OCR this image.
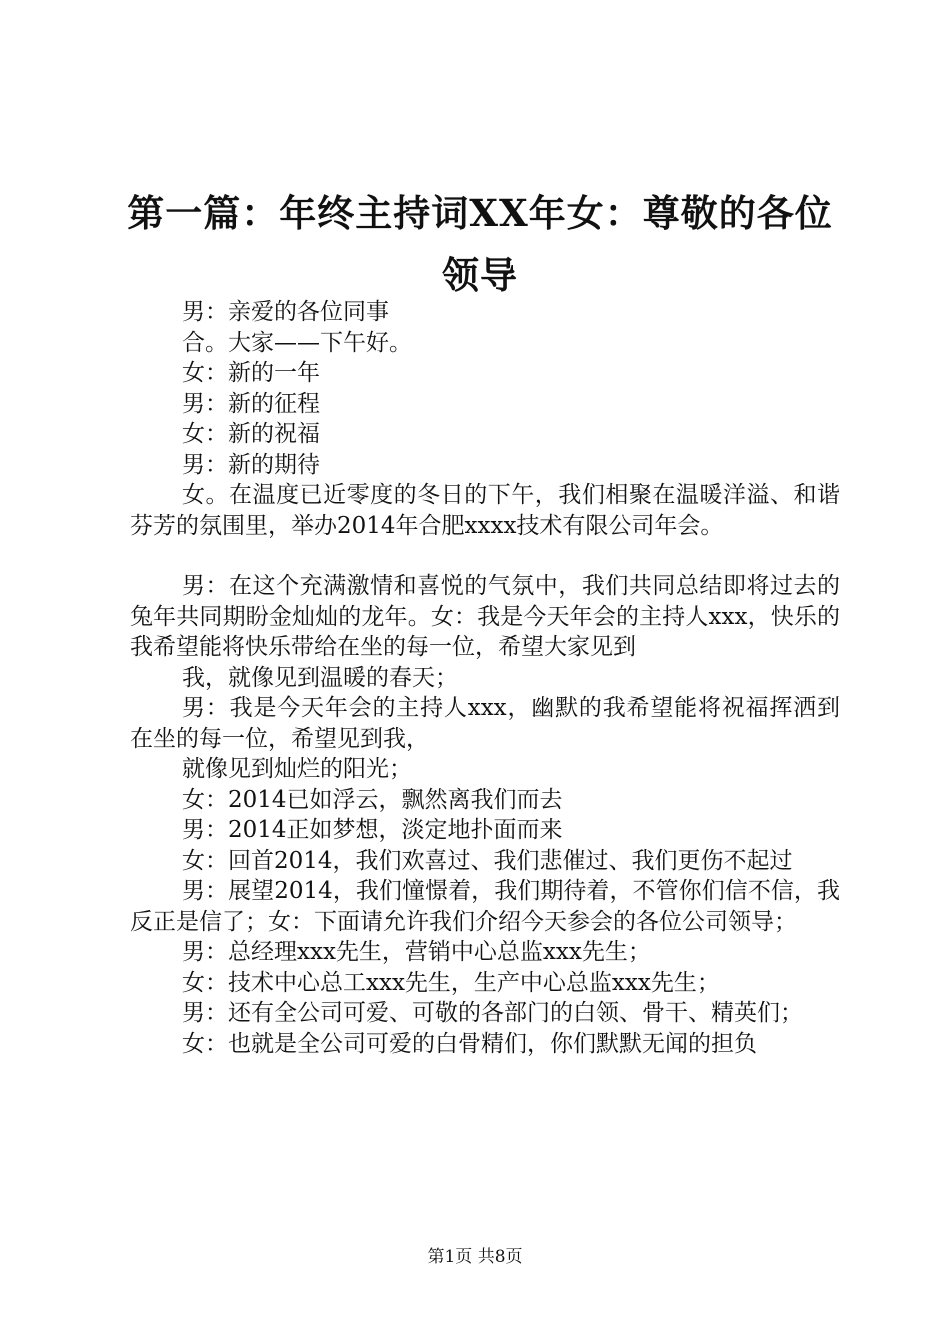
第一篇：年终主持词XX年女：尊敬的各位领导

男：亲爱的各位同事

合。大家——下午好。

女：新的一年

男：新的征程

女：新的祝福

男：新的期待

女。在温度已近零度的冬日的下午，我们相聚在温暖洋溢、和谐芬芳的氛围里，举办2014年合肥xxxx技术有限公司年会。

男：在这个充满激情和喜悦的气氛中，我们共同总结即将过去的兔年共同期盼金灿灿的龙年。女：我是今天年会的主持人xxx，快乐的我希望能将快乐带给在坐的每一位，希望大家见到

我，就像见到温暖的春天；

男：我是今天年会的主持人xxx，幽默的我希望能将祝福挥洒到在坐的每一位，希望见到我，

就像见到灿烂的阳光；

女：2014已如浮云，飘然离我们而去

男：2014正如梦想，淡定地扑面而来

女：回首2014，我们欢喜过、我们悲催过、我们更伤不起过

男：展望2014，我们憧憬着，我们期待着，不管你们信不信，我反正是信了；女：下面请允许我们介绍今天参会的各位公司领导；

男：总经理xxx先生，营销中心总监xxx先生；

女：技术中心总工xxx先生，生产中心总监xxx先生；

男：还有全公司可爱、可敬的各部门的白领、骨干、精英们；

女：也就是全公司可爱的白骨精们，你们默默无闻的担负

第1页 共8页
